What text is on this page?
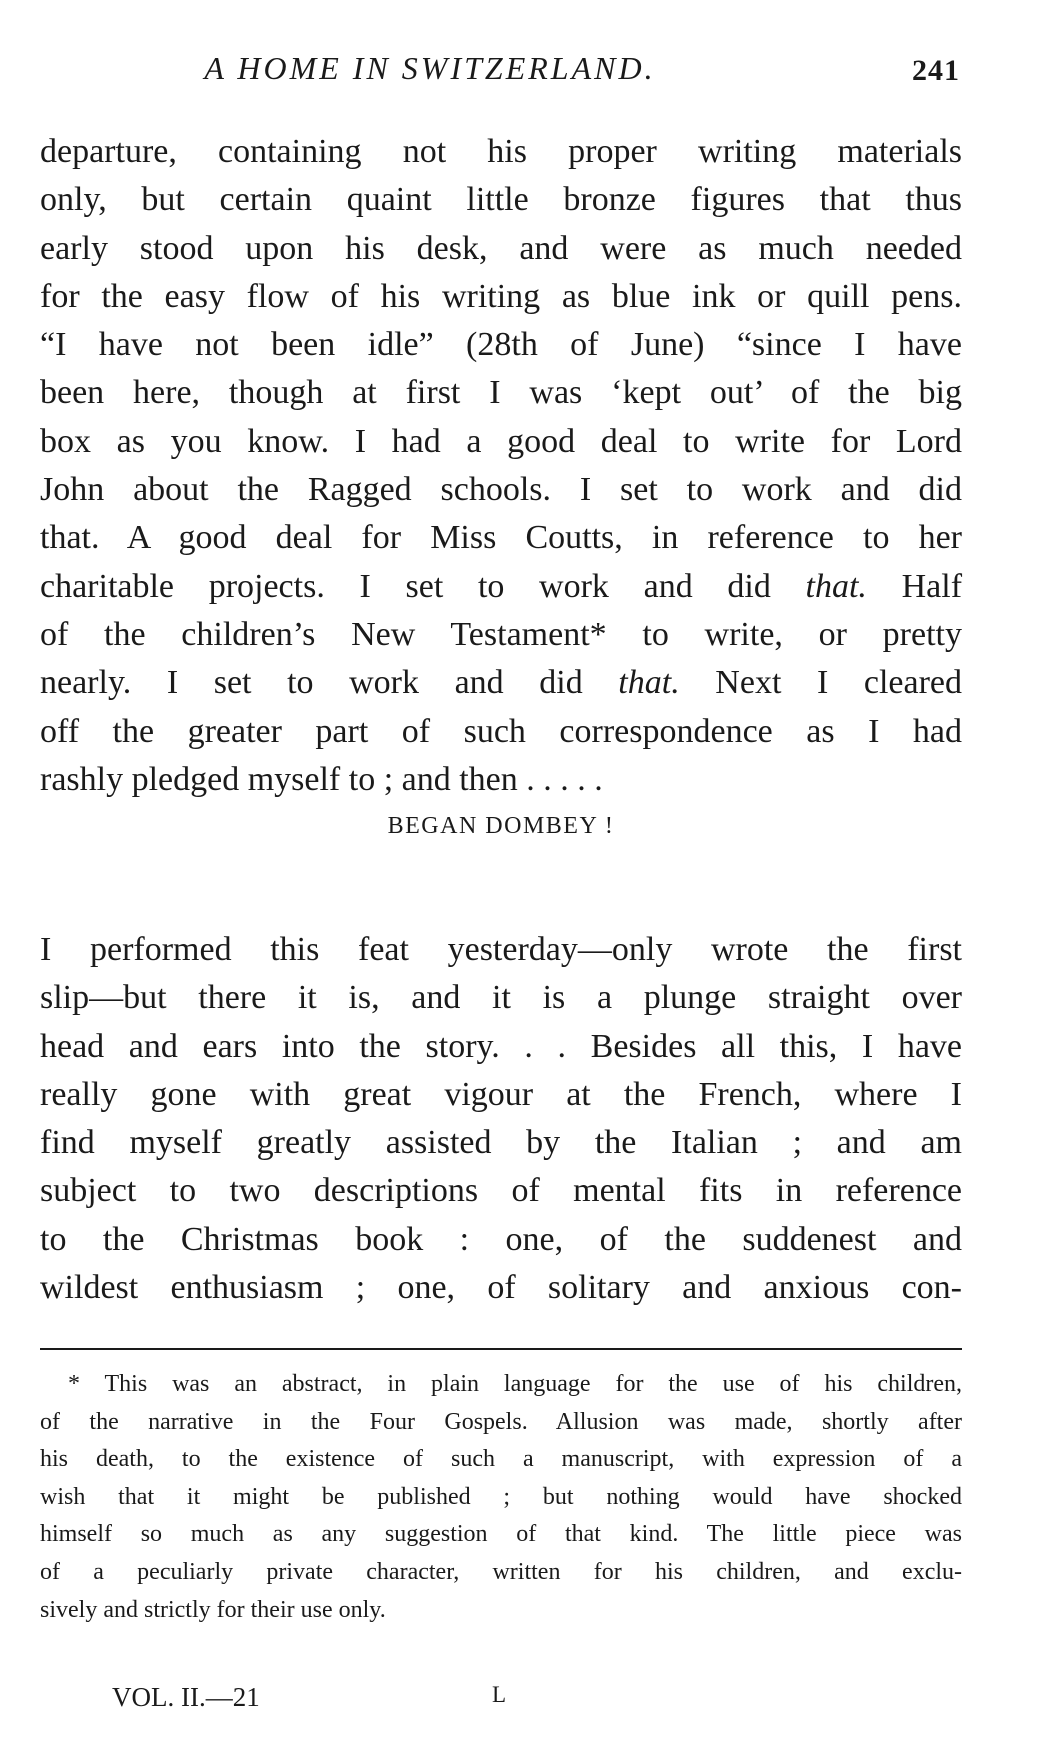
A HOME IN SWITZERLAND.	241
departure, containing not his proper writing materials
only, but certain quaint little bronze figures that thus
early stood upon his desk, and were as much needed
for the easy flow of his writing as blue ink or quill pens.
“I have not been idle” (28th of June) “since I have
been here, though at first I was ‘kept out’ of the big
box as you know. I had a good deal to write for Lord
John about the Ragged schools. I set to work and did
that. A good deal for Miss Coutts, in reference to her
charitable projects. I set to work and did that. Half
of the children’s New Testament* to write, or pretty
nearly. I set to work and did that. Next I cleared
off the greater part of such correspondence as I had
rashly pledged myself to ; and then . . . . .
BEGAN DOMBEY !
I performed this feat yesterday—only wrote the first
slip—but there it is, and it is a plunge straight over
head and ears into the story. . . Besides all this, I have
really gone with great vigour at the French, where I
find myself greatly assisted by the Italian ; and am
subject to two descriptions of mental fits in reference
to the Christmas book : one, of the suddenest and
wildest enthusiasm ; one, of solitary and anxious con-
* This was an abstract, in plain language for the use of his children,
of the narrative in the Four Gospels. Allusion was made, shortly after
his death, to the existence of such a manuscript, with expression of a
wish that it might be published ; but nothing would have shocked
himself so much as any suggestion of that kind. The little piece was
of a peculiarly private character, written for his children, and exclu-
sively and strictly for their use only.
VOL. II.—21	L
